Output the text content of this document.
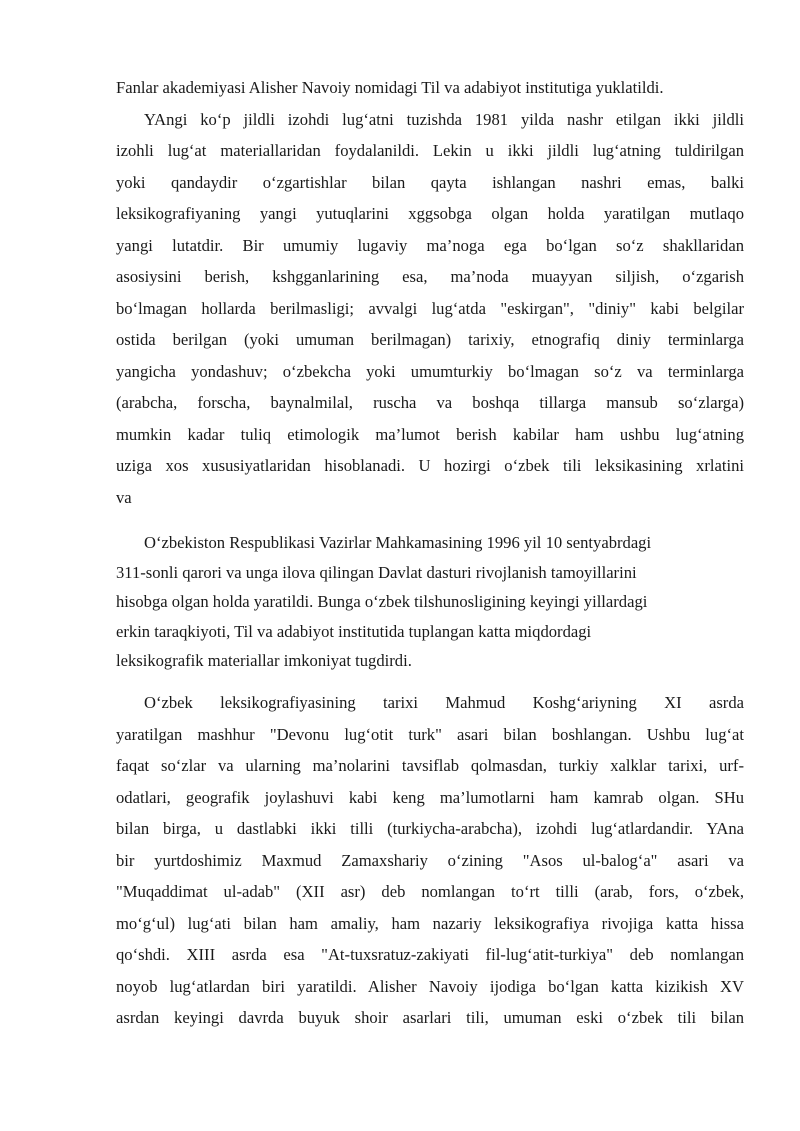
Fanlar akademiyasi Alisher Navoiy nomidagi Til va adabiyot institutiga yuklatildi.
YAngi ko‘p jildli izohdi lug‘atni tuzishda 1981 yilda nashr etilgan ikki jildli
izohli lug‘at materiallaridan foydalanildi. Lekin u ikki jildli lug‘atning tuldirilgan
yoki qandaydir o‘zgartishlar bilan qayta ishlangan nashri emas, balki
leksikografiyaning yangi yutuqlarini xggsobga olgan holda yaratilgan mutlaqo
yangi lutatdir. Bir umumiy lugaviy ma’noga ega bo‘lgan so‘z shakllaridan
asosiysini berish, kshgganlarining esa, ma’noda muayyan siljish, o‘zgarish
bo‘lmagan hollarda berilmasligi; avvalgi lug‘atda "eskirgan", "diniy" kabi belgilar
ostida berilgan (yoki umuman berilmagan) tarixiy, etnografiq diniy terminlarga
yangicha yondashuv; o‘zbekcha yoki umumturkiy bo‘lmagan so‘z va terminlarga
(arabcha, forscha, baynalmilal, ruscha va boshqa tillarga mansub so‘zlarga)
mumkin kadar tuliq etimologik ma’lumot berish kabilar ham ushbu lug‘atning
uziga xos xususiyatlaridan hisoblanadi. U hozirgi o‘zbek tili leksikasining xrlatini
va
O‘zbekiston Respublikasi Vazirlar Mahkamasining 1996 yil 10 sentyabrdagi
311-sonli qarori va unga ilova qilingan Davlat dasturi rivojlanish tamoyillarini
hisobga olgan holda yaratildi. Bunga o‘zbek tilshunosligining keyingi yillardagi
erkin taraqkiyoti, Til va adabiyot institutida tuplangan katta miqdordagi
leksikografik materiallar imkoniyat tugdirdi.
O‘zbek leksikografiyasining tarixi Mahmud Koshg‘ariyning XI asrda
yaratilgan mashhur "Devonu lug‘otit turk" asari bilan boshlangan. Ushbu lug‘at
faqat so‘zlar va ularning ma’nolarini tavsiflab qolmasdan, turkiy xalklar tarixi, urf-
odatlari, geografik joylashuvi kabi keng ma’lumotlarni ham kamrab olgan. SHu
bilan birga, u dastlabki ikki tilli (turkiycha-arabcha), izohdi lug‘atlardandir. YAna
bir yurtdoshimiz Maxmud Zamaxshariy o‘zining "Asos ul-balog‘a" asari va
"Muqaddimat ul-adab" (XII asr) deb nomlangan to‘rt tilli (arab, fors, o‘zbek,
mo‘g‘ul) lug‘ati bilan ham amaliy, ham nazariy leksikografiya rivojiga katta hissa
qo‘shdi. XIII asrda esa "At-tuxsratuz-zakiyati fil-lug‘atit-turkiya" deb nomlangan
noyob lug‘atlardan biri yaratildi. Alisher Navoiy ijodiga bo‘lgan katta kizikish XV
asrdan keyingi davrda buyuk shoir asarlari tili, umuman eski o‘zbek tili bilan
